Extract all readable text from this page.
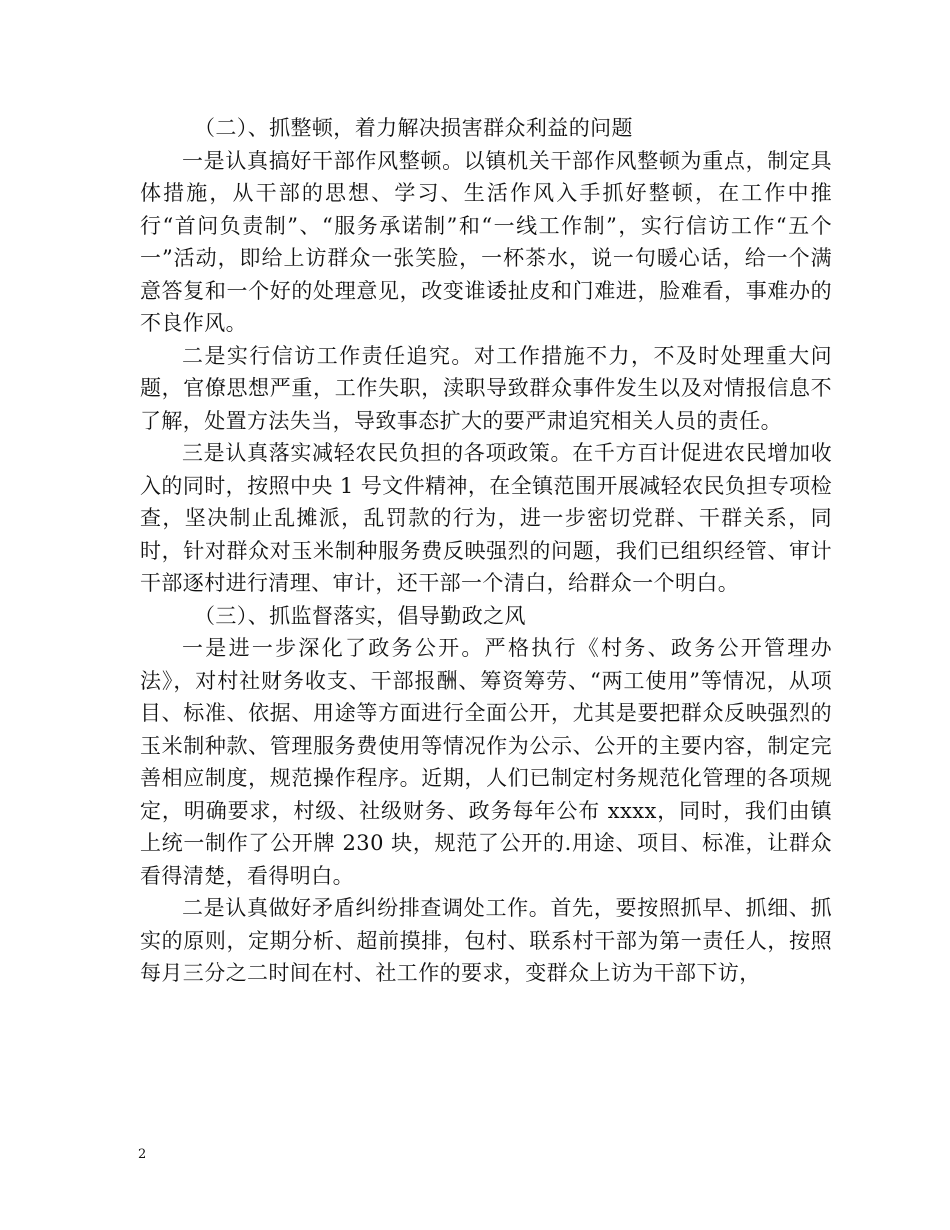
（二）、抓整顿，着力解决损害群众利益的问题

一是认真搞好干部作风整顿。以镇机关干部作风整顿为重点，制定具体措施，从干部的思想、学习、生活作风入手抓好整顿，在工作中推行“首问负责制”、“服务承诺制”和“一线工作制”，实行信访工作“五个一”活动，即给上访群众一张笑脸，一杯茶水，说一句暖心话，给一个满意答复和一个好的处理意见，改变谁诿扯皮和门难进，脸难看，事难办的不良作风。

二是实行信访工作责任追究。对工作措施不力，不及时处理重大问题，官僚思想严重，工作失职，渎职导致群众事件发生以及对情报信息不了解，处置方法失当，导致事态扩大的要严肃追究相关人员的责任。

三是认真落实减轻农民负担的各项政策。在千方百计促进农民增加收入的同时，按照中央 1 号文件精神，在全镇范围开展减轻农民负担专项检查，坚决制止乱摊派，乱罚款的行为，进一步密切党群、干群关系，同时，针对群众对玉米制种服务费反映强烈的问题，我们已组织经管、审计干部逐村进行清理、审计，还干部一个清白，给群众一个明白。

（三）、抓监督落实，倡导勤政之风

一是进一步深化了政务公开。严格执行《村务、政务公开管理办法》，对村社财务收支、干部报酬、筹资筹劳、“两工使用”等情况，从项目、标准、依据、用途等方面进行全面公开，尤其是要把群众反映强烈的玉米制种款、管理服务费使用等情况作为公示、公开的主要内容，制定完善相应制度，规范操作程序。近期，人们已制定村务规范化管理的各项规定，明确要求，村级、社级财务、政务每年公布 xxxx，同时，我们由镇上统一制作了公开牌 230 块，规范了公开的.用途、项目、标准，让群众看得清楚，看得明白。

二是认真做好矛盾纠纷排查调处工作。首先，要按照抓早、抓细、抓实的原则，定期分析、超前摸排，包村、联系村干部为第一责任人，按照每月三分之二时间在村、社工作的要求，变群众上访为干部下访，

2
